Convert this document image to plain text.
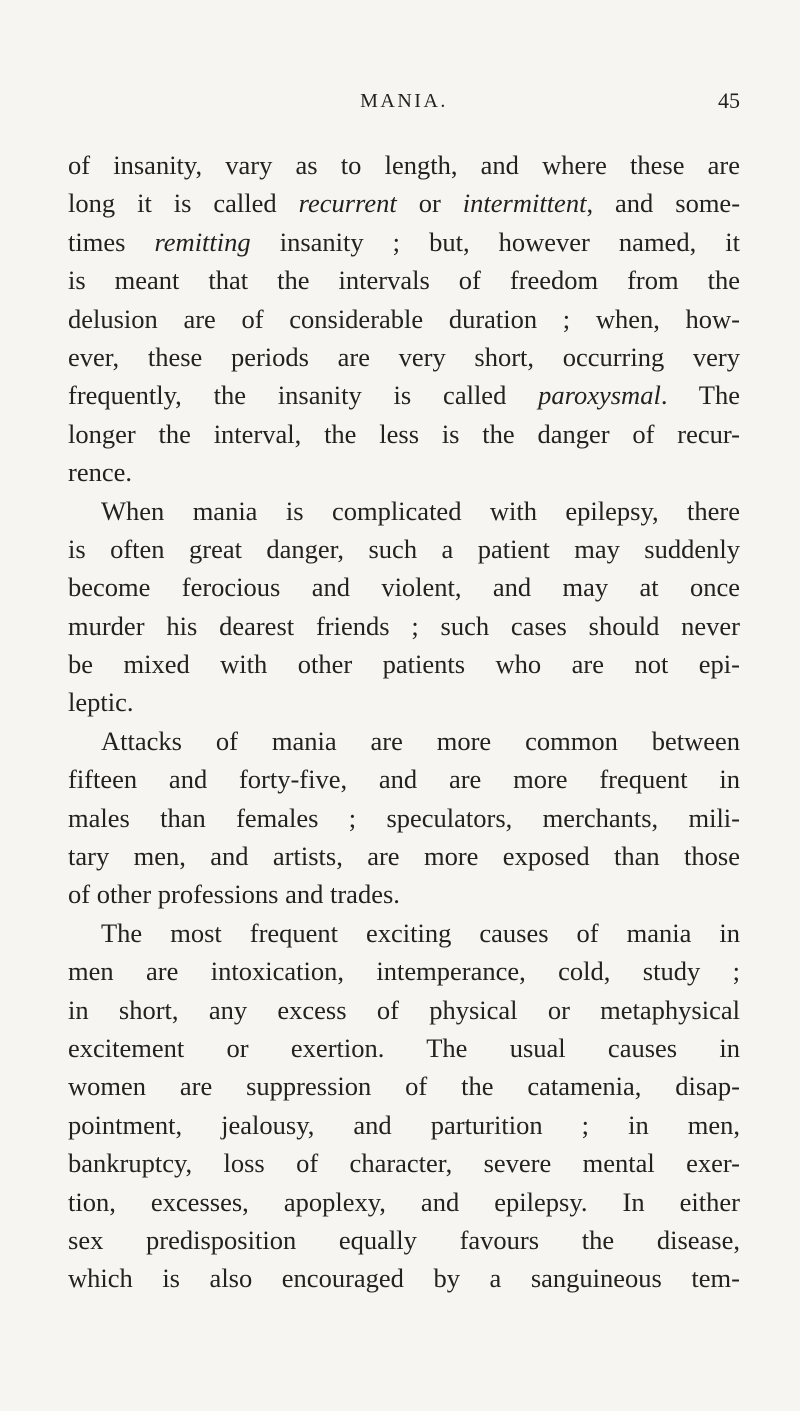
MANIA.	45
of insanity, vary as to length, and where these are
long it is called recurrent or intermittent, and some-
times remitting insanity ; but, however named, it
is meant that the intervals of freedom from the
delusion are of considerable duration ; when, how-
ever, these periods are very short, occurring very
frequently, the insanity is called paroxysmal. The
longer the interval, the less is the danger of recur-
rence.
When mania is complicated with epilepsy, there
is often great danger, such a patient may suddenly
become ferocious and violent, and may at once
murder his dearest friends ; such cases should never
be mixed with other patients who are not epi-
leptic.
Attacks of mania are more common between
fifteen and forty-five, and are more frequent in
males than females ; speculators, merchants, mili-
tary men, and artists, are more exposed than those
of other professions and trades.
The most frequent exciting causes of mania in
men are intoxication, intemperance, cold, study ;
in short, any excess of physical or metaphysical
excitement or exertion. The usual causes in
women are suppression of the catamenia, disap-
pointment, jealousy, and parturition ; in men,
bankruptcy, loss of character, severe mental exer-
tion, excesses, apoplexy, and epilepsy. In either
sex predisposition equally favours the disease,
which is also encouraged by a sanguineous tem-
